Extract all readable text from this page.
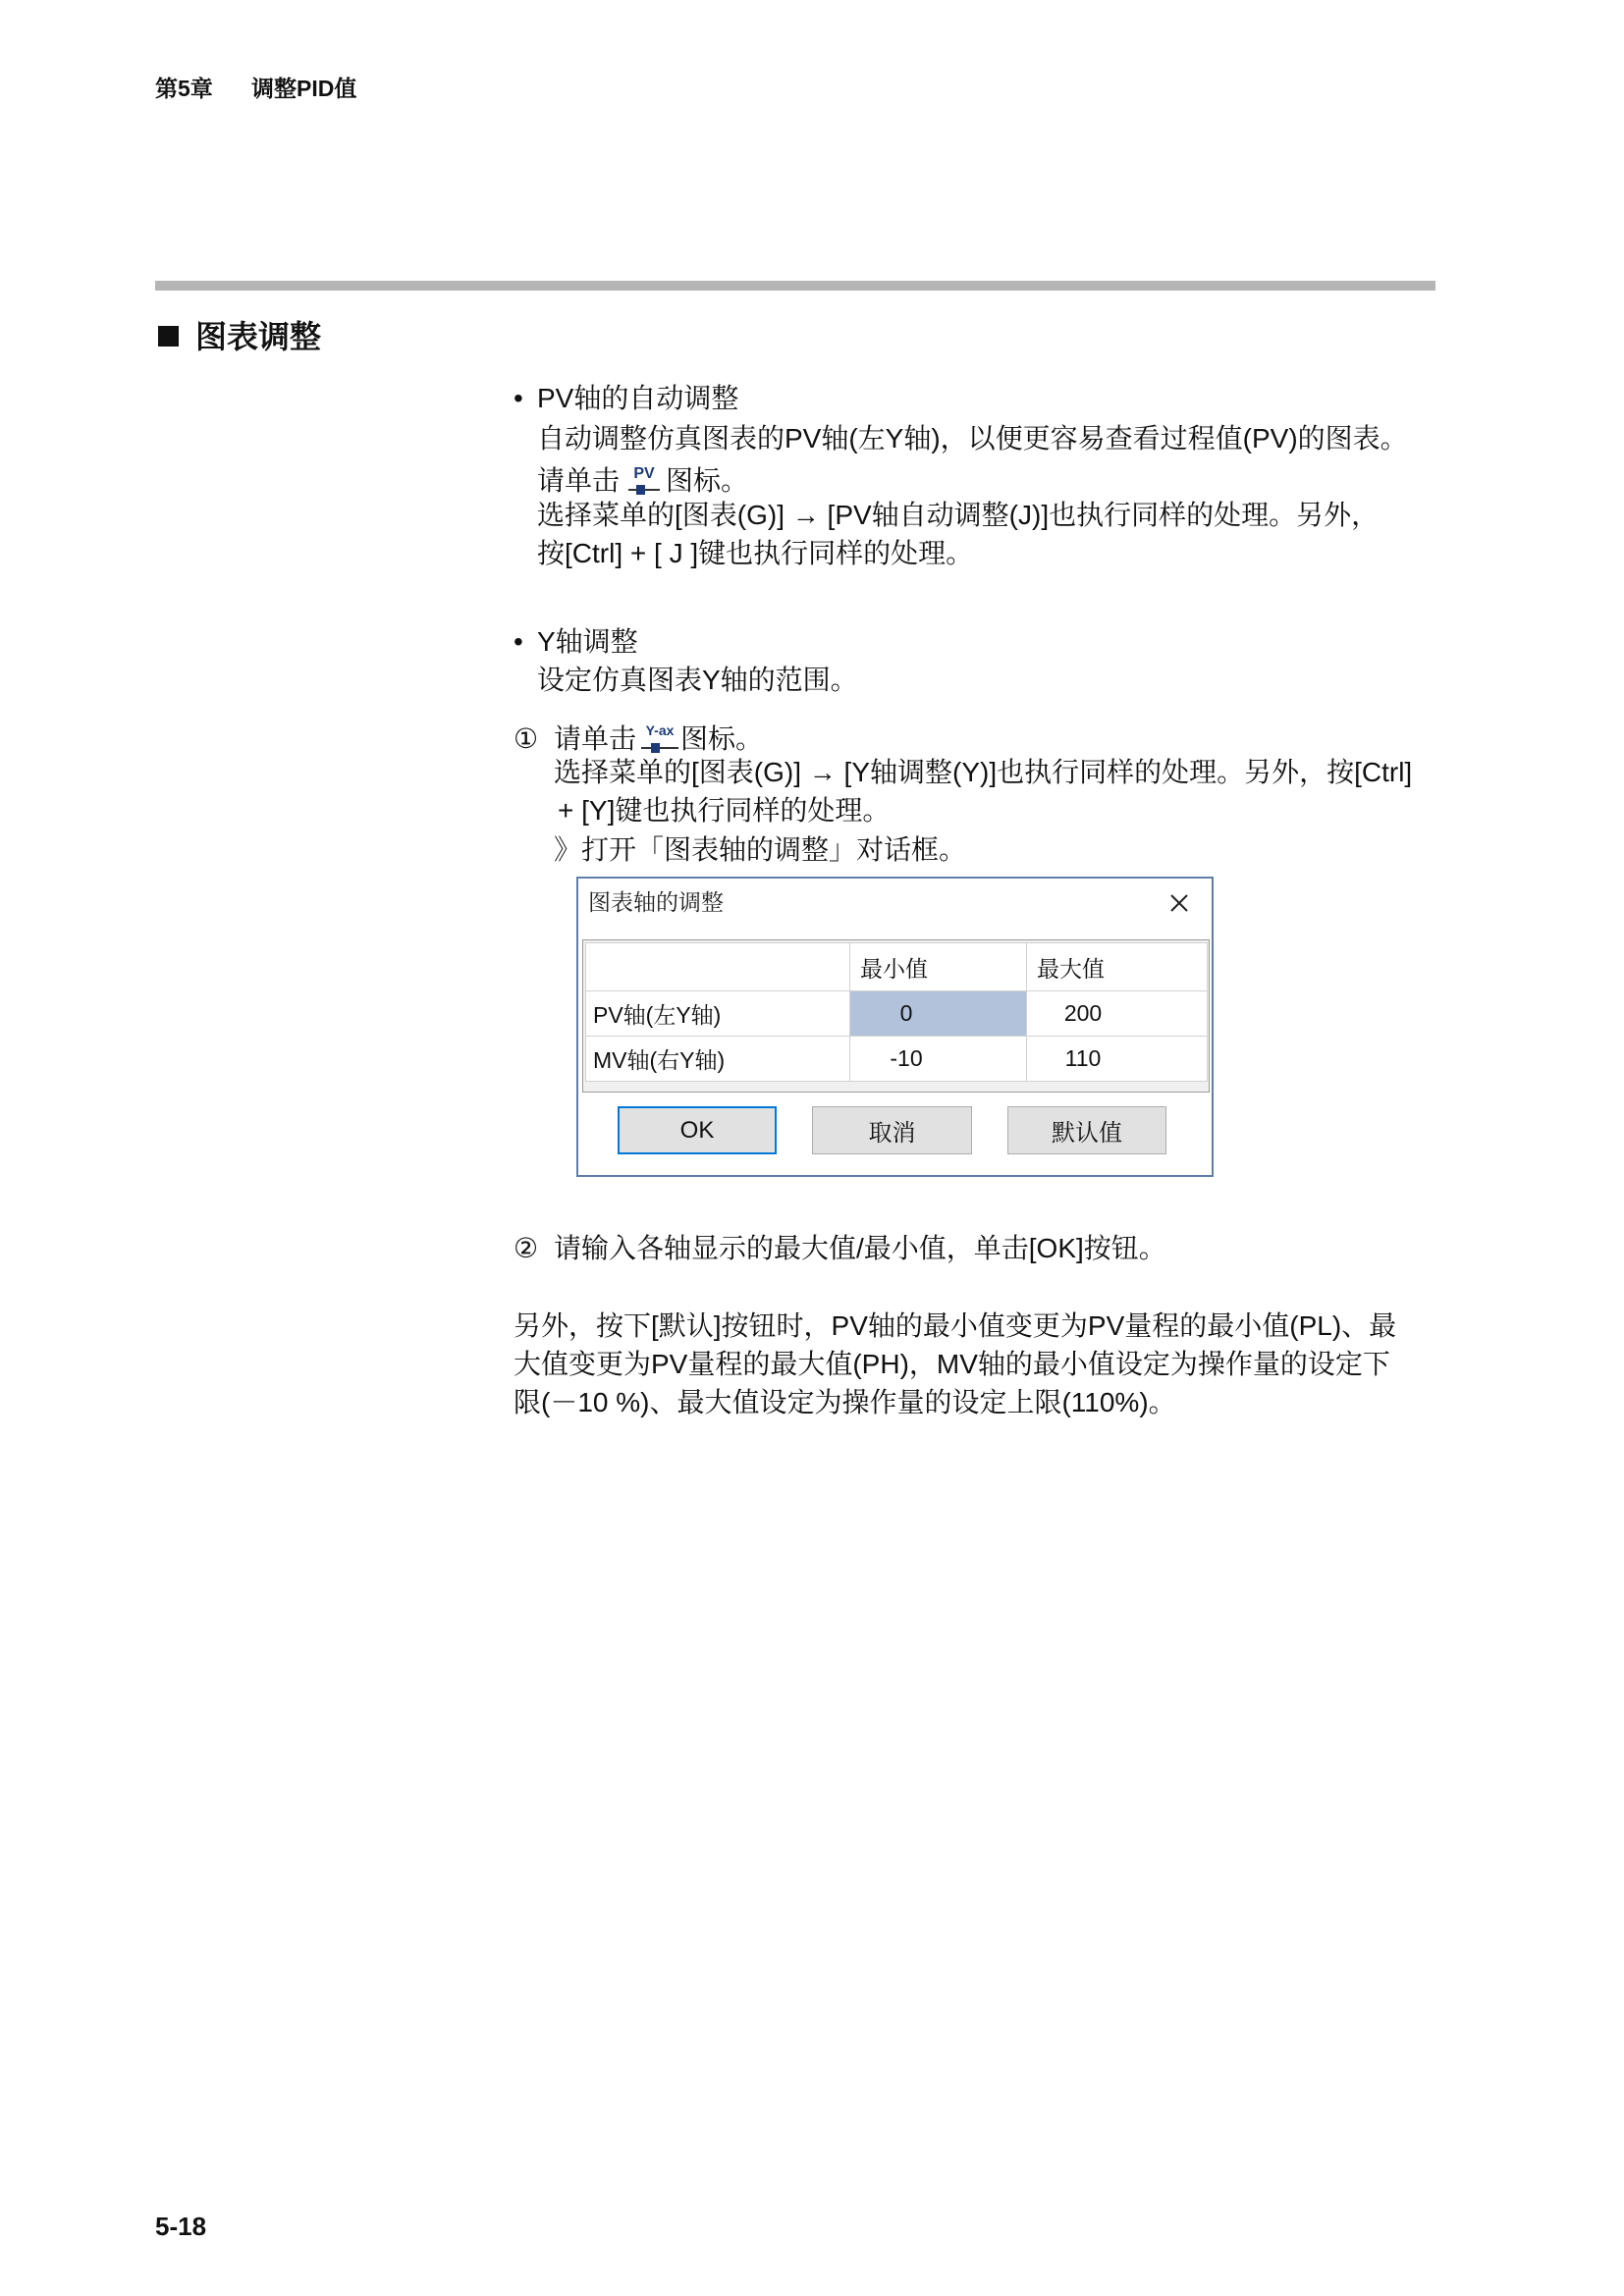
第5章 调整PID值
图表调整
• PV轴的自动调整
自动调整仿真图表的PV轴(左Y轴)，以便更容易查看过程值(PV)的图表。
请单击 PV 图标。
选择菜单的[图表(G)] → [PV轴自动调整(J)]也执行同样的处理。另外，
按[Ctrl] + [ J ]键也执行同样的处理。
• Y轴调整
设定仿真图表Y轴的范围。
① 请单击 Y-ax 图标。
选择菜单的[图表(G)] → [Y轴调整(Y)]也执行同样的处理。另外，按[Ctrl]
+ [Y]键也执行同样的处理。
》打开「图表轴的调整」对话框。
图表轴的调整
	最小值	最大值
PV轴(左Y轴)	0	200
MV轴(右Y轴)	-10	110
OK	取消	默认值
② 请输入各轴显示的最大值/最小值，单击[OK]按钮。
另外，按下[默认]按钮时，PV轴的最小值变更为PV量程的最小值(PL)、最
大值变更为PV量程的最大值(PH)，MV轴的最小值设定为操作量的设定下
限(－10 %)、最大值设定为操作量的设定上限(110%)。
5-18
